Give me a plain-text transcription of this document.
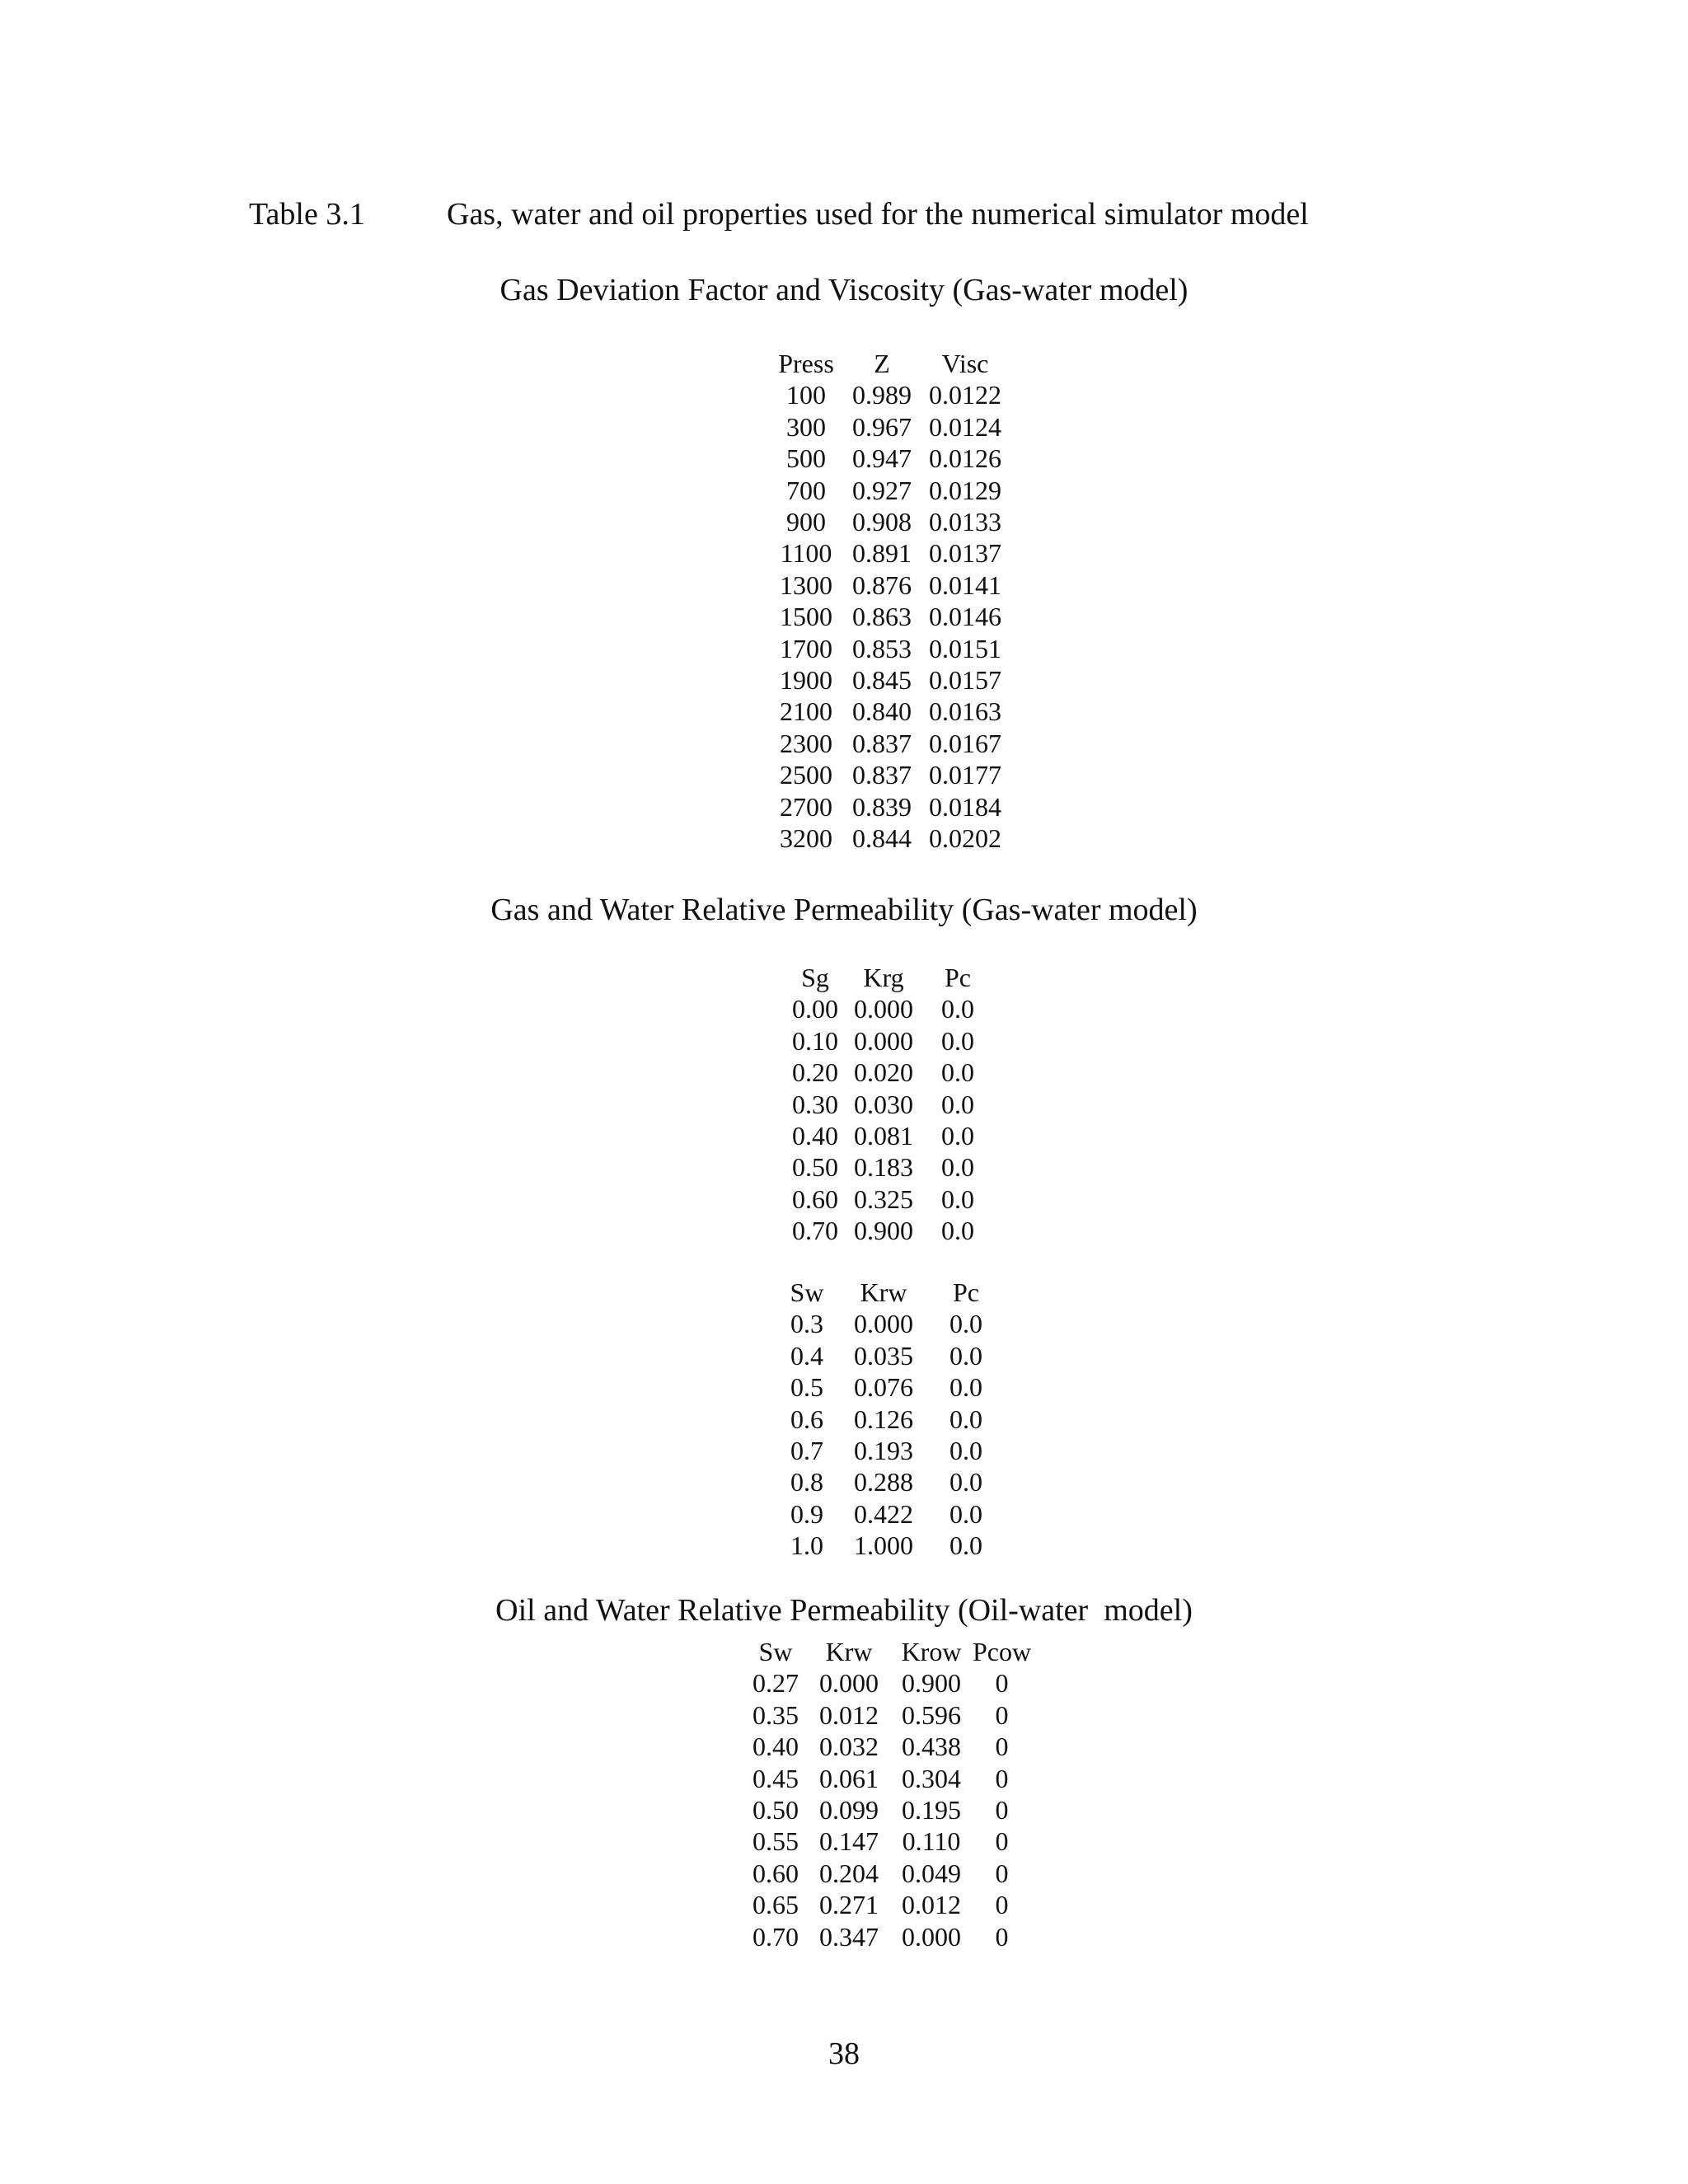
Table 3.1	Gas, water and oil properties used for the numerical simulator model
Gas Deviation Factor and Viscosity (Gas-water model)
Press	Z	Visc
100	0.989	0.0122
300	0.967	0.0124
500	0.947	0.0126
700	0.927	0.0129
900	0.908	0.0133
1100	0.891	0.0137
1300	0.876	0.0141
1500	0.863	0.0146
1700	0.853	0.0151
1900	0.845	0.0157
2100	0.840	0.0163
2300	0.837	0.0167
2500	0.837	0.0177
2700	0.839	0.0184
3200	0.844	0.0202
Gas and Water Relative Permeability (Gas-water model)
Sg	Krg	Pc
0.00	0.000	0.0
0.10	0.000	0.0
0.20	0.020	0.0
0.30	0.030	0.0
0.40	0.081	0.0
0.50	0.183	0.0
0.60	0.325	0.0
0.70	0.900	0.0
Sw	Krw	Pc
0.3	0.000	0.0
0.4	0.035	0.0
0.5	0.076	0.0
0.6	0.126	0.0
0.7	0.193	0.0
0.8	0.288	0.0
0.9	0.422	0.0
1.0	1.000	0.0
Oil and Water Relative Permeability (Oil-water  model)
Sw	Krw	Krow	Pcow
0.27	0.000	0.900	0
0.35	0.012	0.596	0
0.40	0.032	0.438	0
0.45	0.061	0.304	0
0.50	0.099	0.195	0
0.55	0.147	0.110	0
0.60	0.204	0.049	0
0.65	0.271	0.012	0
0.70	0.347	0.000	0
38
